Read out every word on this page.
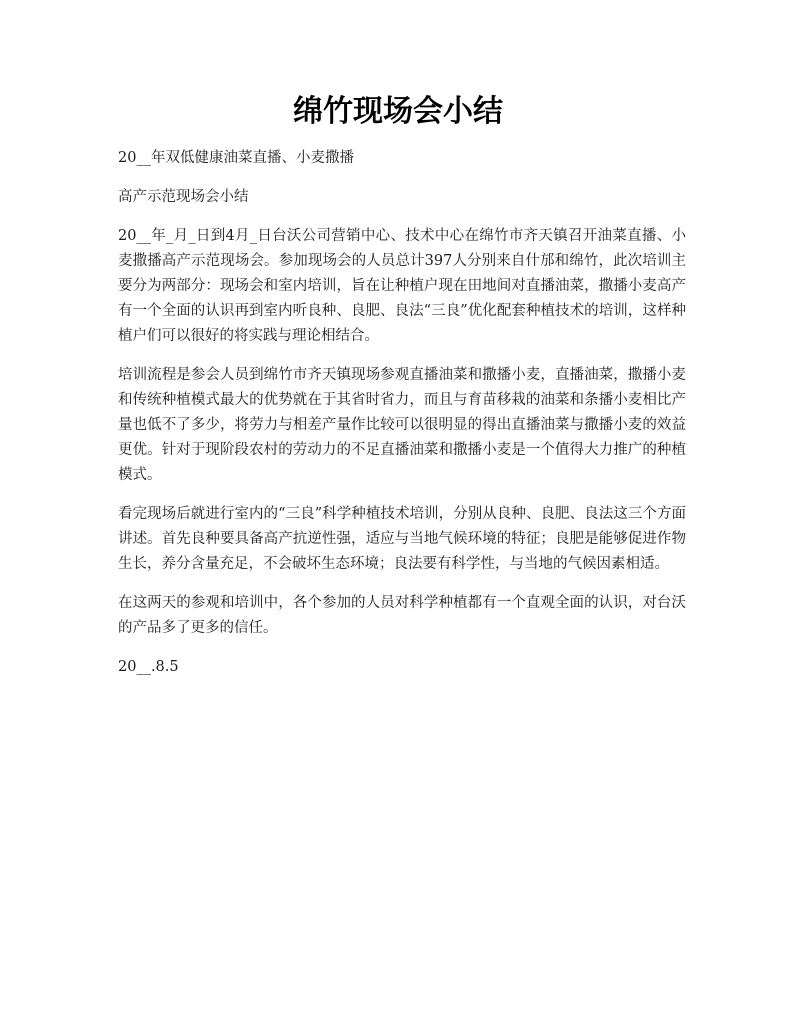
绵竹现场会小结

20__年双低健康油菜直播、小麦撒播

高产示范现场会小结

20__年_月_日到4月_日台沃公司营销中心、技术中心在绵竹市齐天镇召开油菜直播、小麦撒播高产示范现场会。参加现场会的人员总计397人分别来自什邡和绵竹，此次培训主要分为两部分：现场会和室内培训，旨在让种植户现在田地间对直播油菜，撒播小麦高产有一个全面的认识再到室内听良种、良肥、良法“三良”优化配套种植技术的培训，这样种植户们可以很好的将实践与理论相结合。

培训流程是参会人员到绵竹市齐天镇现场参观直播油菜和撒播小麦，直播油菜，撒播小麦和传统种植模式最大的优势就在于其省时省力，而且与育苗移栽的油菜和条播小麦相比产量也低不了多少，将劳力与相差产量作比较可以很明显的得出直播油菜与撒播小麦的效益更优。针对于现阶段农村的劳动力的不足直播油菜和撒播小麦是一个值得大力推广的种植模式。

看完现场后就进行室内的“三良”科学种植技术培训，分别从良种、良肥、良法这三个方面讲述。首先良种要具备高产抗逆性强，适应与当地气候环境的特征；良肥是能够促进作物生长，养分含量充足，不会破坏生态环境；良法要有科学性，与当地的气候因素相适。

在这两天的参观和培训中，各个参加的人员对科学种植都有一个直观全面的认识，对台沃的产品多了更多的信任。

20__.8.5
